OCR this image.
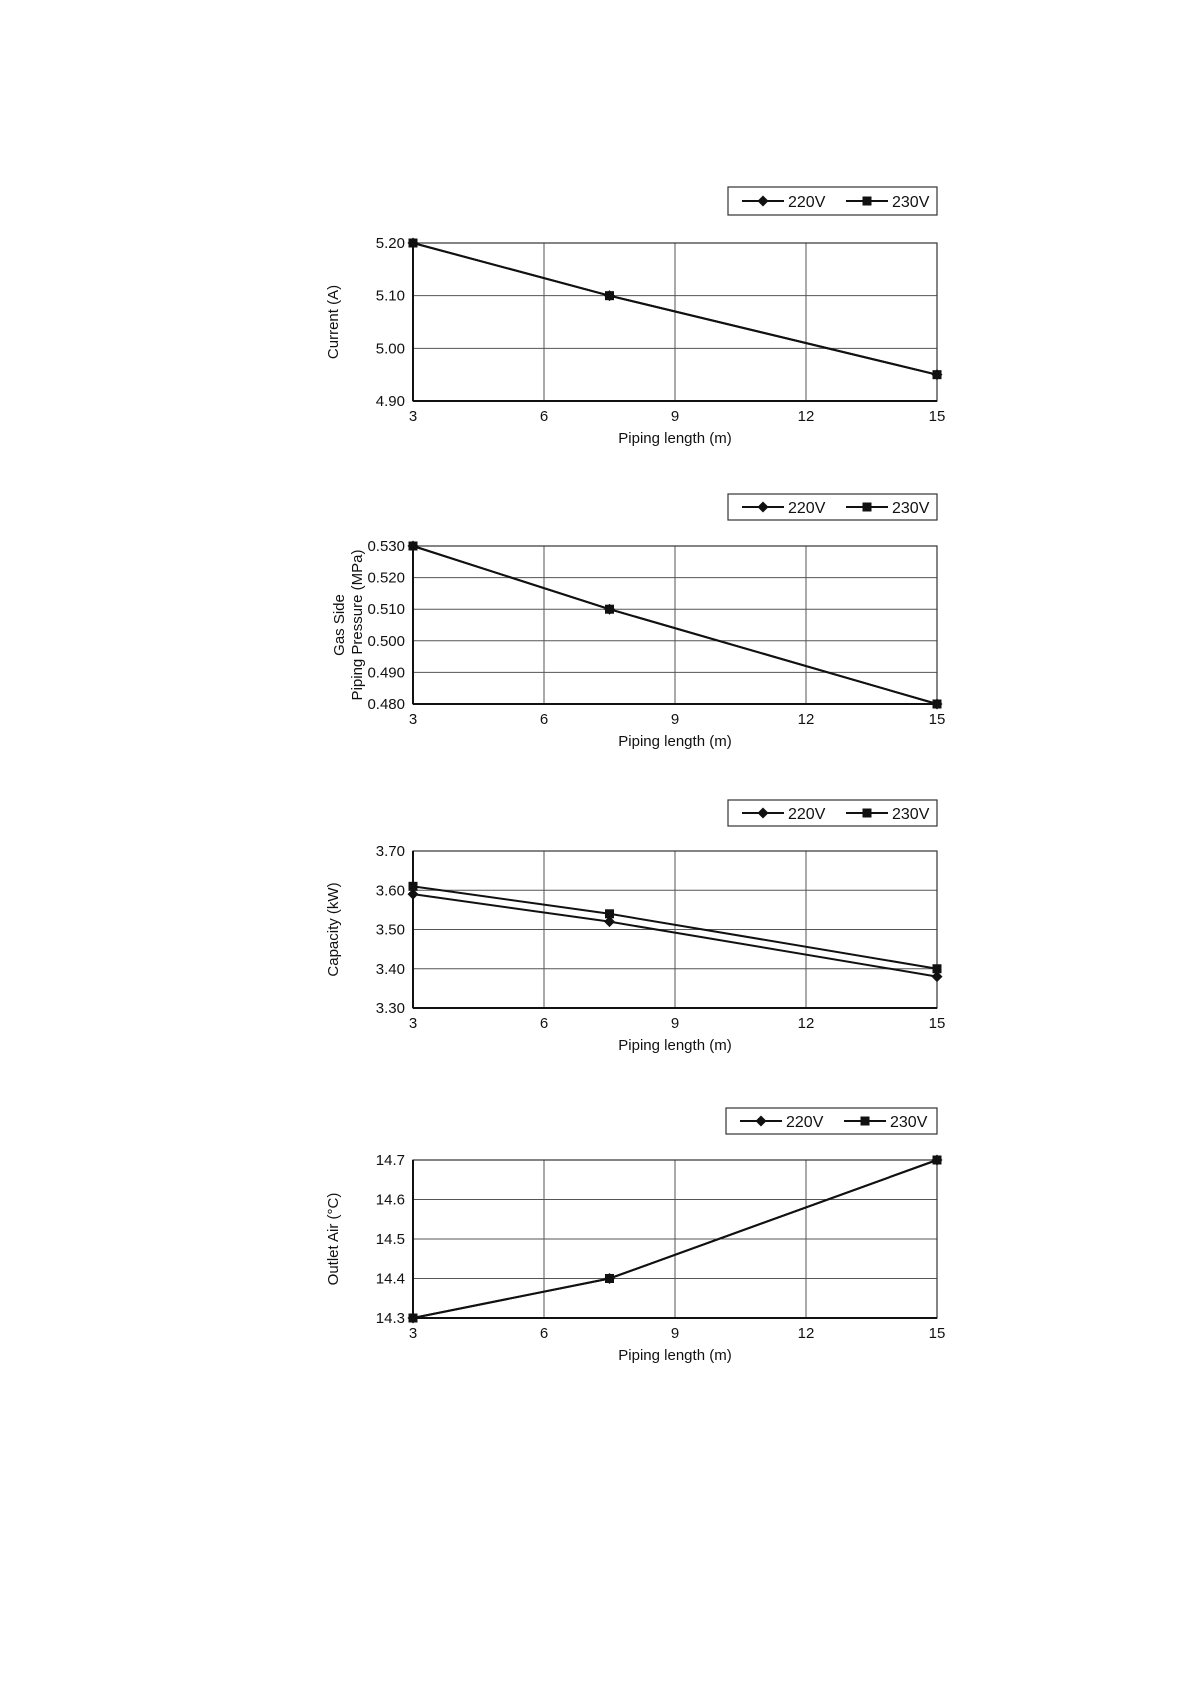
4.90
5.00
5.10
5.20
3	6	9	12	15
Piping length (m)
Current (A)
220V	230V
0.480
0.490
0.500
0.510
0.520
0.530
3	6	9	12	15
Piping length (m)
Gas SidePiping Pressure (MPa)
220V	230V
3.30
3.40
3.50
3.60
3.70
3	6	9	12	15
Piping length (m)
Capacity (kW)
220V	230V
14.3
14.4
14.5
14.6
14.7
3	6	9	12	15
Piping length (m)
Outlet Air (°C)
220V	230V
